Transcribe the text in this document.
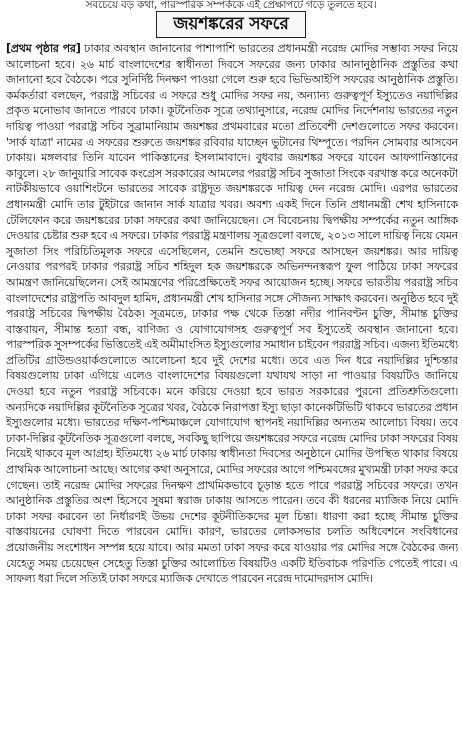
সবচেয়ে বড় কথা, পারস্পরিক সম্পর্ককে এই প্রেক্ষাপটে গড়ে তুলতে হবে।
জয়শঙ্করের সফরে

[প্রথম পৃষ্ঠার পর] ঢাকার অবস্থান জানানোর পাশাপাশি ভারতের প্রধানমন্ত্রী নরেন্দ্র মোদির সম্ভাব্য সফর নিয়ে আলোচনা হবে। ২৬ মার্চ বাংলাদেশের স্বাধীনতা দিবসে সফরের জন্য ঢাকার আনানুষ্ঠানিক প্রস্তুতির কথা জানানো হবে বৈঠকে। পরে সুনির্দিষ্ট দিনক্ষণ পাওয়া গেলে শুরু হবে ভিভিআইপি সফরের আনুষ্ঠানিক প্রস্তুতি। কর্মকর্তারা বলছেন, পররাষ্ট্র সচিবের এ সফরে শুধু মোদির সফর নয়, অন্যান্য গুরুত্বপূর্ণ ইস্যুতেও নয়াদিল্লির প্রকৃত মনোভাব জানতে পারবে ঢাকা। কূটনৈতিক সূত্রে তথ্যানুসারে, নরেন্দ্র মোদির নির্দেশনায় ভারতের নতুন দায়িত্ব পাওয়া পররাষ্ট্র সচিব সুব্রামানিয়াম জয়শঙ্কর প্রথমবারের মতো প্রতিবেশী দেশগুলোতে সফর করবেন। 'সার্ক যাত্রা' নামের এ সফরের শুরুতে জয়শঙ্কর রবিবার যাচ্ছেন ভুটানের থিম্পুতে। পরদিন সোমবার আসবেন ঢাকায়। মঙ্গলবার তিনি যাবেন পাকিস্তানের ইসলামাবাদে। বুধবার জয়শঙ্কর সফরে যাবেন আফগানিস্তানের কাবুলে। ২৮ জানুয়ারি সাবেক কংগ্রেস সরকারের আমলের পররাষ্ট্র সচিব সুজাতা সিংকে বরখাস্ত করে অনেকটা নাটকীয়ভাবে ওয়াশিংটনে ভারতের সাবেক রাষ্ট্রদূত জয়শঙ্করকে দায়িত্ব দেন নরেন্দ্র মোদি। এরপর ভারতের প্রধানমন্ত্রী মোদি তার টুইটারে জানান সার্ক যাত্রার খবর। অবশ্য একই দিনে তিনি প্রধানমন্ত্রী শেখ হাসিনাকে টেলিফোন করে জয়শঙ্করের ঢাকা সফরের কথা জানিয়েছেন। সে বিবেচনায় দ্বিপক্ষীয় সম্পর্কের নতুন আঙ্গিক দেওয়ার চেষ্টার শুরু হবে এ সফরে। ঢাকার পররাষ্ট্র মন্ত্রণালয় সূত্রগুলো বলছে, ২০১৩ সালে দায়িত্ব নিয়ে যেমন সুজাতা সিং পরিচিতিমূলক সফরে এসেছিলেন, তেমনি শুভেচ্ছা সফরে আসছেন জয়শঙ্কর। আর দায়িত্ব নেওয়ার পরপরই ঢাকার পররাষ্ট্র সচিব শহিদুল হক জয়শঙ্করকে অভিনন্দনস্বরূপ ফুল পাঠিয়ে ঢাকা সফরের আমন্ত্রণ জানিয়েছিলেন। সেই আমন্ত্রণের পরিপ্রেক্ষিতেই সফর আয়োজন হচ্ছে। সফরে ভারতীয় পররাষ্ট্র সচিব বাংলাদেশের রাষ্ট্রপতি আবদুল হামিদ, প্রধানমন্ত্রী শেখ হাসিনার সঙ্গে সৌজন্য সাক্ষাৎ করবেন। অনুষ্ঠিত হবে দুই পররাষ্ট্র সচিবের দ্বিপক্ষীয় বৈঠক। সূত্রমতে, ঢাকার পক্ষ থেকে তিস্তা নদীর পানিবণ্টন চুক্তি, সীমান্ত চুক্তির বাস্তবায়ন, সীমান্ত হত্যা বন্ধ, বাণিজ্য ও যোগাযোগসহ গুরুত্বপূর্ণ সব ইস্যুতেই অবস্থান জানানো হবে। পারস্পরিক সুসম্পর্কের ভিত্তিতেই এই অমীমাংসিত ইস্যুগুলোর সমাধান চাইবেন পররাষ্ট্র সচিব। এজন্য ইতিমধ্যে প্রতিটির গ্রাউন্ডওয়ার্কগুলোতে আলোচনা হবে দুই দেশের মধ্যে। তবে এত দিন ধরে নয়াদিল্লির দুশ্চিন্তার বিষয়গুলোয় ঢাকা এগিয়ে এলেও বাংলাদেশের বিষয়গুলো যথাযথ সাড়া না পাওয়ার বিষয়টিও জানিয়ে দেওয়া হবে নতুন পররাষ্ট্র সচিবকে। মনে করিয়ে দেওয়া হবে ভারত সরকারের পুরনো প্রতিশ্রুতিগুলো। অন্যদিকে নয়াদিল্লির কূটনৈতিক সূত্রের খবর, বৈঠকে নিরাপত্তা ইস্যু ছাড়া কানেকটিভিটি থাকবে ভারতের প্রধান ইস্যুগুলোর মধ্যে। ভারতের দক্ষিণ-পশ্চিমাঞ্চলে যোগাযোগ স্থাপনই নয়াদিল্লির অন্যতম আলোচ্য বিষয়। তবে ঢাকা-দিল্লির কূটনৈতিক সূত্রগুলো বলছে, সবকিছু ছাপিয়ে জয়শঙ্করের সফরে নরেন্দ্র মোদির ঢাকা সফরের বিষয় নিয়েই থাকবে মূল আগ্রহ। ইতিমধ্যে ২৬ মার্চ ঢাকায় স্বাধীনতা দিবসের অনুষ্ঠানে মোদির উপস্থিত থাকার বিষয়ে প্রাথমিক আলোচনা আছে। আগের কথা অনুসারে, মোদির সফরের আগে পশ্চিমবঙ্গের মুখ্যমন্ত্রী ঢাকা সফর করে গেছেন। তাই নরেন্দ্র মোদির সফরের দিনক্ষণ প্রাথমিকভাবে চূড়ান্ত হতে পারে পররাষ্ট্র সচিবের সফরে। তখন আনুষ্ঠানিক প্রস্তুতির অংশ হিসেবে সুষমা স্বরাজ ঢাকায় আসতে পারেন। তবে কী ধরনের ম্যাজিক নিয়ে মোদি ঢাকা সফর করবেন তা নির্ধারণই উভয় দেশের কূটনীতিকদের মূল চিন্তা। ধারণা করা হচ্ছে সীমান্ত চুক্তির বাস্তবায়নের ঘোষণা দিতে পারবেন মোদি। কারণ, ভারতের লোকসভার চলতি অধিবেশনে সংবিধানের প্রয়োজনীয় সংশোধন সম্পন্ন হয়ে যাবে। আর মমতা ঢাকা সফর করে যাওয়ার পর মোদির সঙ্গে বৈঠকের জন্য যেহেতু সময় চেয়েছেন সেহেতু তিস্তা চুক্তির আলোচিত বিষয়টিও একটি ইতিবাচক পরিণতি পেতেই পারে। এ সাফল্য ধরা দিলে সত্যিই ঢাকা সফরে ম্যাজিক দেখাতে পারবেন নরেন্দ্র দামোদরদাস মোদি।
